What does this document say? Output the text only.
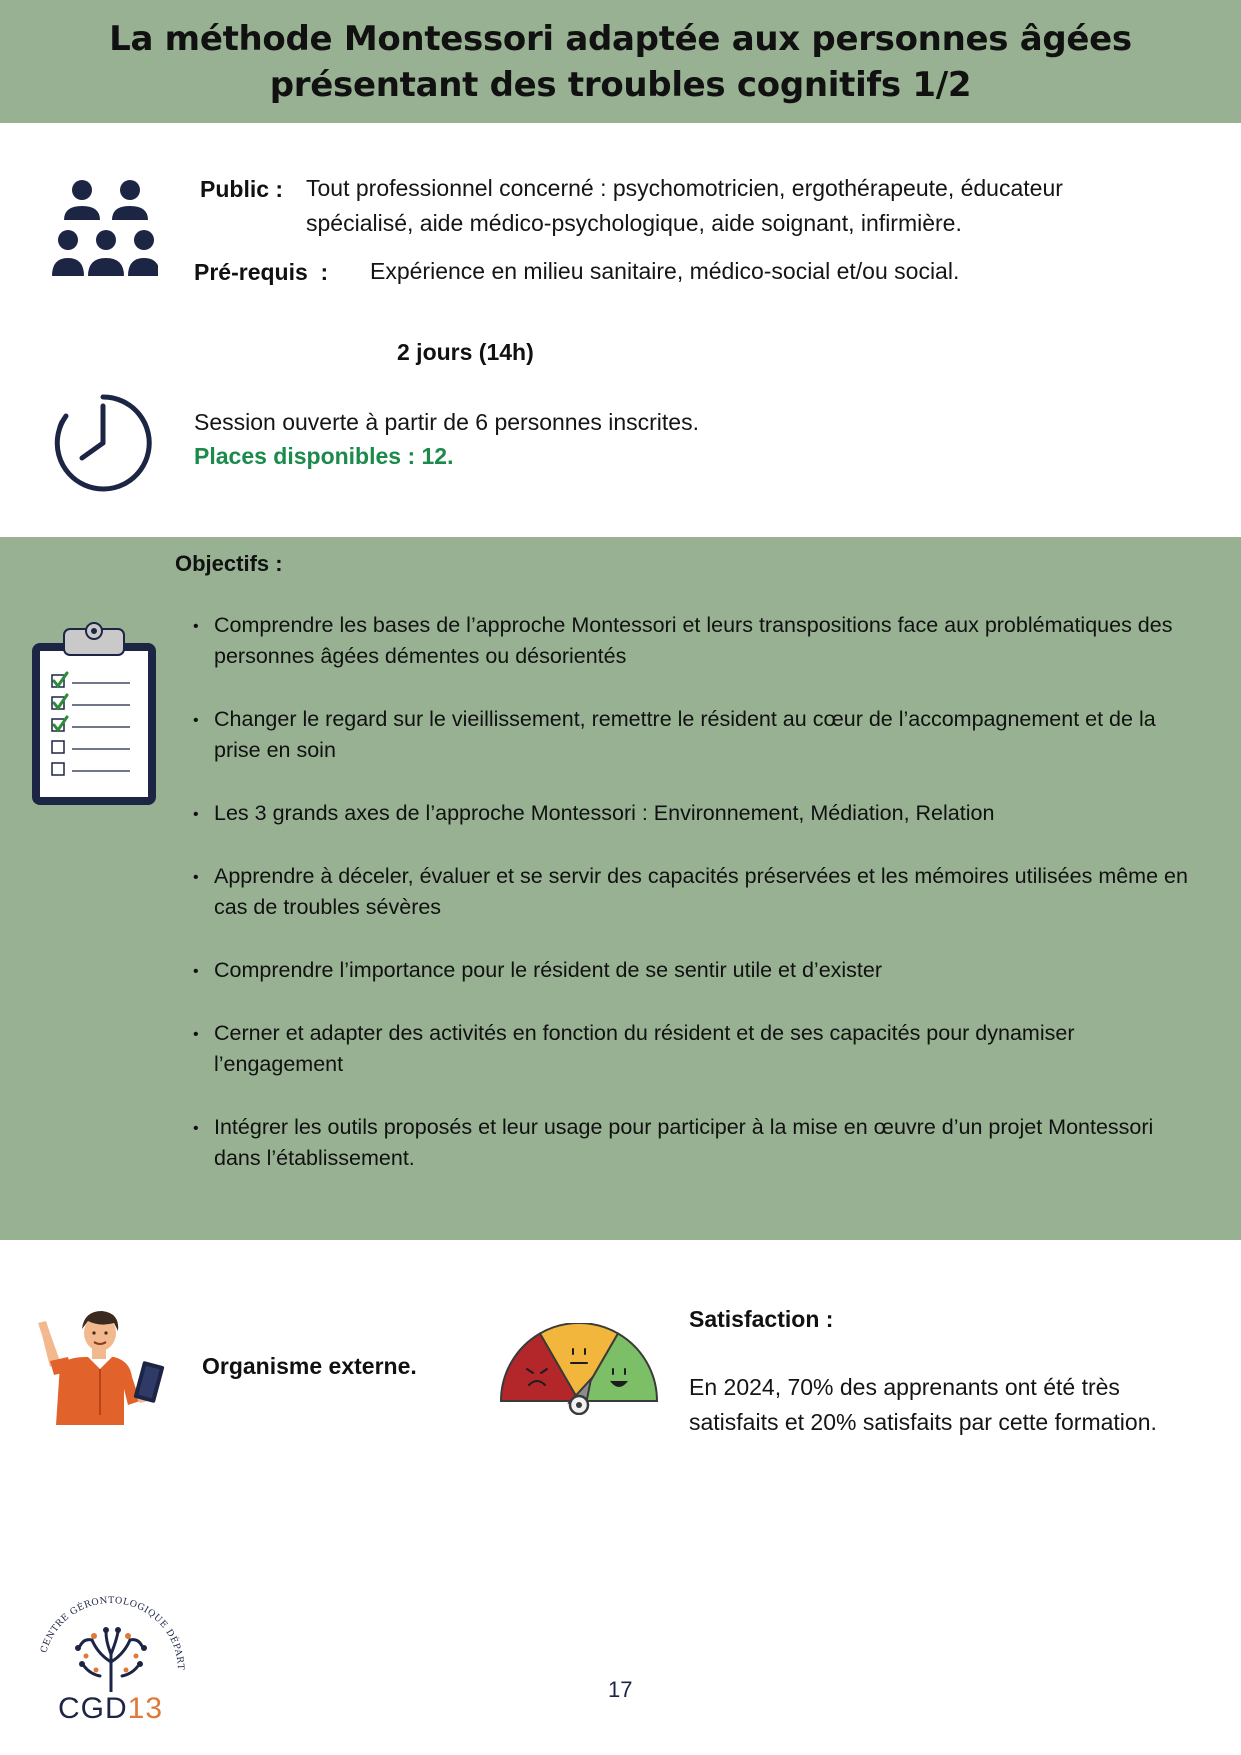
La méthode Montessori adaptée aux personnes âgées
présentant des troubles cognitifs 1/2
Public : Tout professionnel concerné : psychomotricien, ergothérapeute, éducateur
spécialisé, aide médico-psychologique, aide soignant, infirmière.
Pré-requis  : Expérience en milieu sanitaire, médico-social et/ou social.
2 jours (14h)
Session ouverte à partir de 6 personnes inscrites.
Places disponibles : 12.
Objectifs :
• Comprendre les bases de l’approche Montessori et leurs transpositions face aux problématiques des personnes âgées démentes ou désorientés
• Changer le regard sur le vieillissement, remettre le résident au cœur de l’accompagnement et de la prise en soin
• Les 3 grands axes de l’approche Montessori : Environnement, Médiation, Relation
• Apprendre à déceler, évaluer et se servir des capacités préservées et les mémoires utilisées même en cas de troubles sévères
• Comprendre l’importance pour le résident de se sentir utile et d’exister
• Cerner et adapter des activités en fonction du résident et de ses capacités pour dynamiser l’engagement
• Intégrer les outils proposés et leur usage pour participer à la mise en œuvre d’un projet Montessori dans l’établissement.
Organisme externe.
Satisfaction :
En 2024, 70% des apprenants ont été très
satisfaits et 20% satisfaits par cette formation.
CENTRE GÉRONTOLOGIQUE DÉPART
CGD13
17
